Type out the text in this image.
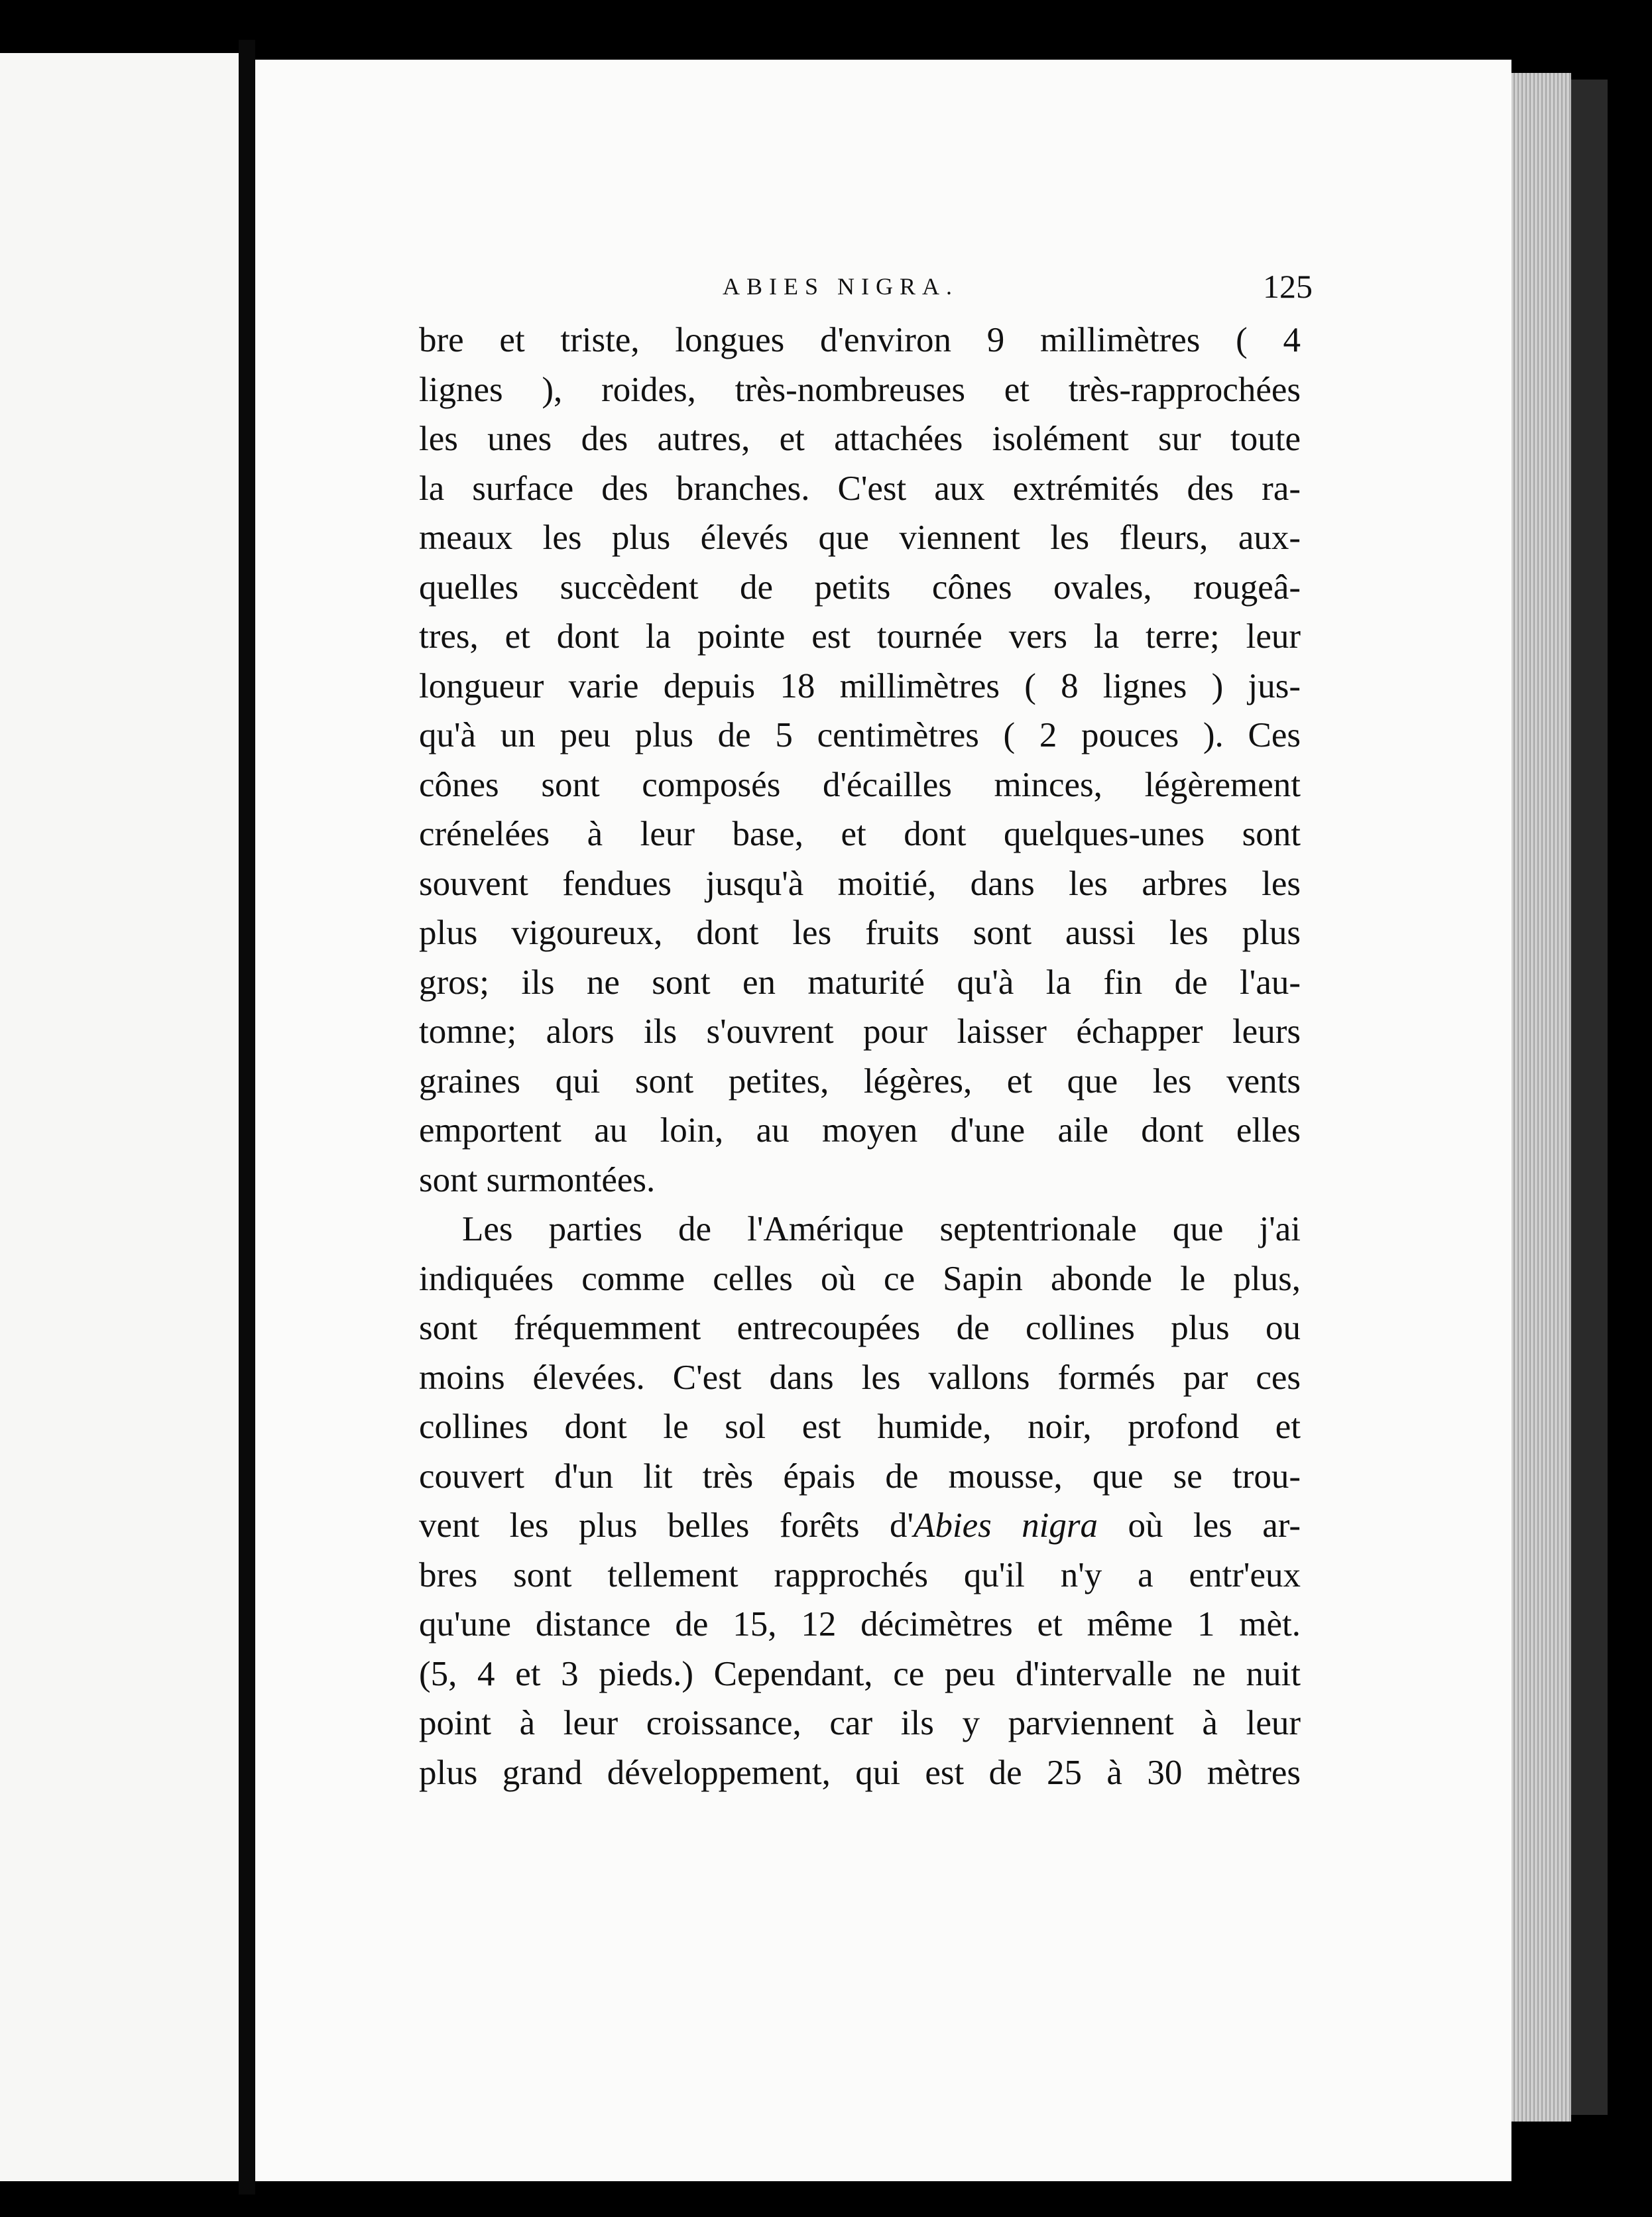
ABIES NIGRA.	125
bre et triste, longues d'environ 9 millimètres ( 4
lignes ), roides, très-nombreuses et très-rapprochées
les unes des autres, et attachées isolément sur toute
la surface des branches. C'est aux extrémités des ra-
meaux les plus élevés que viennent les fleurs, aux-
quelles succèdent de petits cônes ovales, rougeâ-
tres, et dont la pointe est tournée vers la terre; leur
longueur varie depuis 18 millimètres ( 8 lignes ) jus-
qu'à un peu plus de 5 centimètres ( 2 pouces ). Ces
cônes sont composés d'écailles minces, légèrement
crénelées à leur base, et dont quelques-unes sont
souvent fendues jusqu'à moitié, dans les arbres les
plus vigoureux, dont les fruits sont aussi les plus
gros; ils ne sont en maturité qu'à la fin de l'au-
tomne; alors ils s'ouvrent pour laisser échapper leurs
graines qui sont petites, légères, et que les vents
emportent au loin, au moyen d'une aile dont elles
sont surmontées.
Les parties de l'Amérique septentrionale que j'ai
indiquées comme celles où ce Sapin abonde le plus,
sont fréquemment entrecoupées de collines plus ou
moins élevées. C'est dans les vallons formés par ces
collines dont le sol est humide, noir, profond et
couvert d'un lit très épais de mousse, que se trou-
vent les plus belles forêts d'Abies nigra où les ar-
bres sont tellement rapprochés qu'il n'y a entr'eux
qu'une distance de 15, 12 décimètres et même 1 mèt.
(5, 4 et 3 pieds.) Cependant, ce peu d'intervalle ne nuit
point à leur croissance, car ils y parviennent à leur
plus grand développement, qui est de 25 à 30 mètres
